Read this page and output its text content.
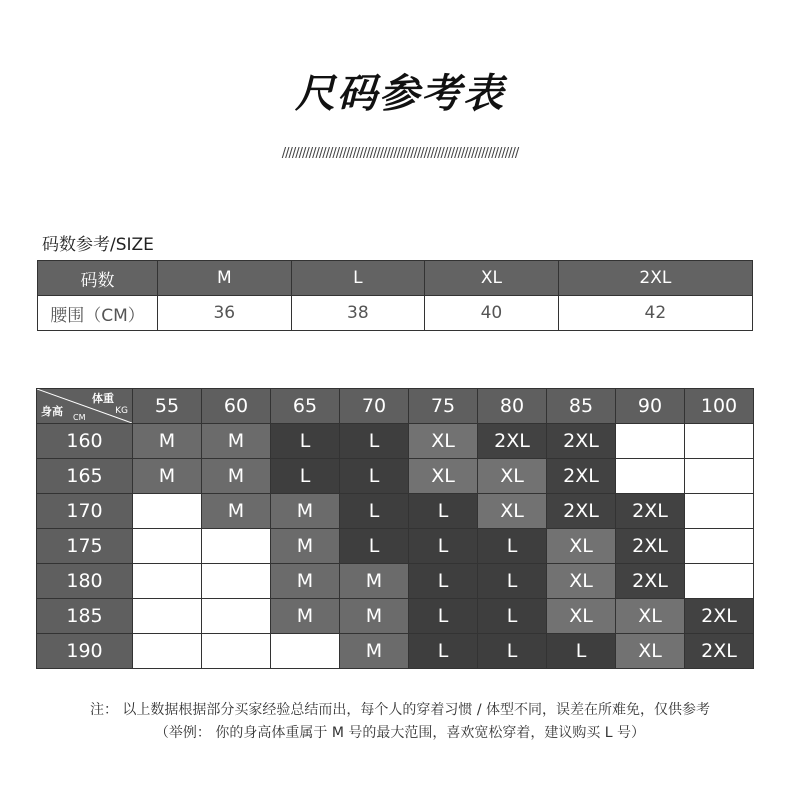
尺码参考表
//////////////////////////////////////////////////////////////////////
码数参考/SIZE
码数	M	L	XL	2XL
腰围（CM）	36	38	40	42
体重
身高 CM
KG	55	60	65	70	75	80	85	90	100
160	M	M	L	L	XL	2XL	2XL		
165	M	M	L	L	XL	XL	2XL		
170		M	M	L	L	XL	2XL	2XL	
175			M	L	L	L	XL	2XL	
180			M	M	L	L	XL	2XL	
185			M	M	L	L	XL	XL	2XL
190				M	L	L	L	XL	2XL
注： 以上数据根据部分买家经验总结而出，每个人的穿着习惯 / 体型不同，误差在所难免，仅供参考
（举例： 你的身高体重属于 M 号的最大范围，喜欢宽松穿着，建议购买 L 号）
